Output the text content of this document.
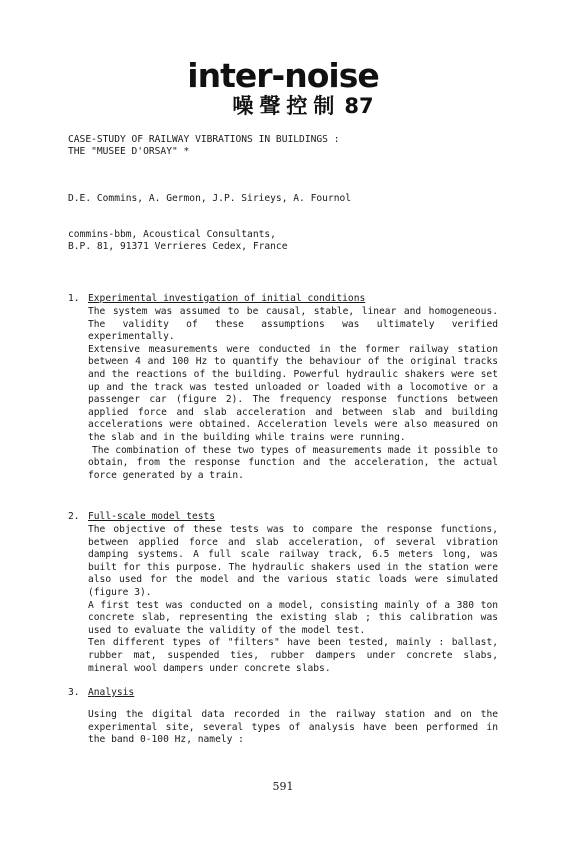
inter-noise
噪聲控制 87
CASE-STUDY OF RAILWAY VIBRATIONS IN BUILDINGS :
THE "MUSEE D'ORSAY" *
D.E. Commins, A. Germon, J.P. Sirieys, A. Fournol
commins-bbm, Acoustical Consultants,
B.P. 81, 91371 Verrieres Cedex, France
1. Experimental investigation of initial conditions

The system was assumed to be causal, stable, linear and homogeneous. The validity of these assumptions was ultimately verified experimentally.

Extensive measurements were conducted in the former railway station between 4 and 100 Hz to quantify the behaviour of the original tracks and the reactions of the building. Powerful hydraulic shakers were set up and the track was tested unloaded or loaded with a locomotive or a passenger car (figure 2). The frequency response functions between applied force and slab acceleration and between slab and building accelerations were obtained. Acceleration levels were also measured on the slab and in the building while trains were running.

The combination of these two types of measurements made it possible to obtain, from the response function and the acceleration, the actual force generated by a train.

2. Full-scale model tests

The objective of these tests was to compare the response functions, between applied force and slab acceleration, of several vibration damping systems. A full scale railway track, 6.5 meters long, was built for this purpose. The hydraulic shakers used in the station were also used for the model and the various static loads were simulated (figure 3).

A first test was conducted on a model, consisting mainly of a 380 ton concrete slab, representing the existing slab ; this calibration was used to evaluate the validity of the model test.

Ten different types of "filters" have been tested, mainly : ballast, rubber mat, suspended ties, rubber dampers under concrete slabs, mineral wool dampers under concrete slabs.

3. Analysis

Using the digital data recorded in the railway station and on the experimental site, several types of analysis have been performed in the band 0-100 Hz, namely :

591
